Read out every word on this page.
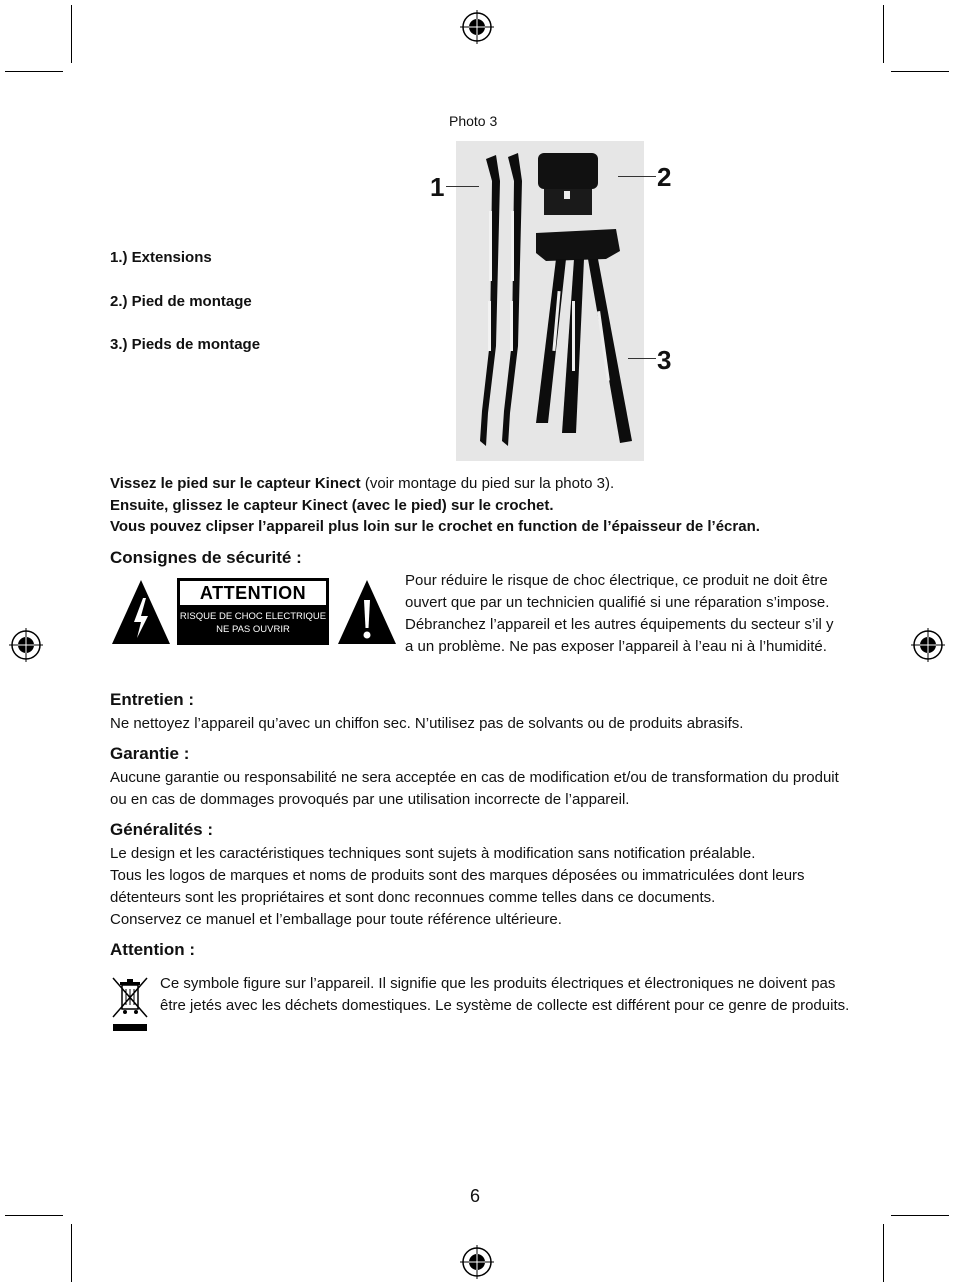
Photo 3
1	2
3
1.) Extensions
2.) Pied de montage
3.) Pieds de montage
Vissez le pied sur le capteur Kinect (voir montage du pied sur la photo 3).
Ensuite, glissez le capteur Kinect (avec le pied) sur le crochet.
Vous pouvez clipser l’appareil plus loin sur le crochet en function de l’épaisseur de l’écran.
Consignes de sécurité :
ATTENTION
RISQUE DE CHOC ELECTRIQUE
NE PAS OUVRIR
Pour réduire le risque de choc électrique, ce produit ne doit être ouvert que par un technicien qualifié si une réparation s’impose. Débranchez l’appareil et les autres équipements du secteur s’il y a un problème. Ne pas exposer l’appareil à l’eau ni à l’humidité.
Entretien :
Ne nettoyez l’appareil qu’avec un chiffon sec. N’utilisez pas de solvants ou de produits abrasifs.
Garantie :
Aucune garantie ou responsabilité ne sera acceptée en cas de modification et/ou de transformation du produit ou en cas de dommages provoqués par une utilisation incorrecte de l’appareil.
Généralités :
Le design et les caractéristiques techniques sont sujets à modification sans notification préalable.
Tous les logos de marques et noms de produits sont des marques déposées ou immatriculées dont leurs détenteurs sont les propriétaires et sont donc reconnues comme telles dans ce documents.
Conservez ce manuel et l’emballage pour toute référence ultérieure.
Attention :
Ce symbole figure sur l’appareil. Il signifie que les produits électriques et électroniques ne doivent pas être jetés avec les déchets domestiques. Le système de collecte est différent pour ce genre de produits.
6
